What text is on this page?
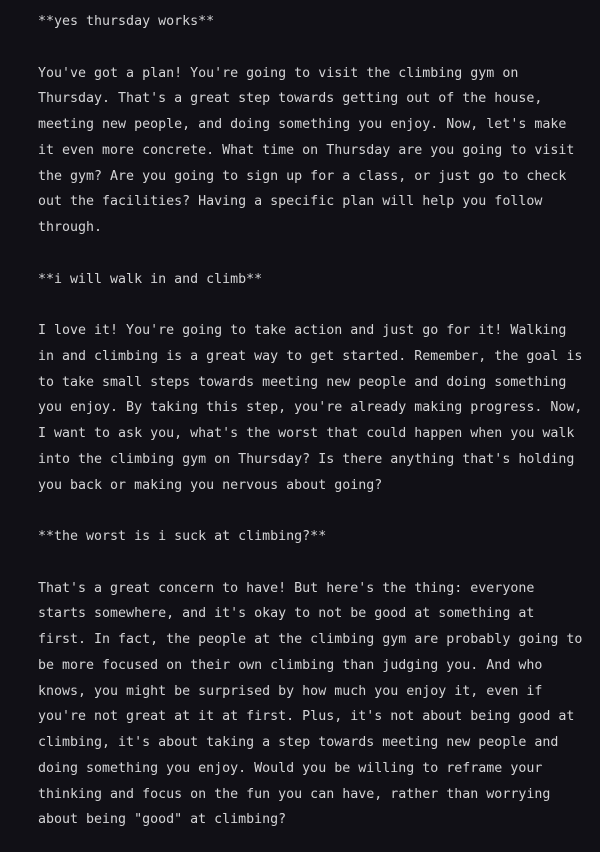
**yes thursday works**

You've got a plan! You're going to visit the climbing gym on
Thursday. That's a great step towards getting out of the house,
meeting new people, and doing something you enjoy. Now, let's make
it even more concrete. What time on Thursday are you going to visit
the gym? Are you going to sign up for a class, or just go to check
out the facilities? Having a specific plan will help you follow
through.

**i will walk in and climb**

I love it! You're going to take action and just go for it! Walking
in and climbing is a great way to get started. Remember, the goal is
to take small steps towards meeting new people and doing something
you enjoy. By taking this step, you're already making progress. Now,
I want to ask you, what's the worst that could happen when you walk
into the climbing gym on Thursday? Is there anything that's holding
you back or making you nervous about going?

**the worst is i suck at climbing?**

That's a great concern to have! But here's the thing: everyone
starts somewhere, and it's okay to not be good at something at
first. In fact, the people at the climbing gym are probably going to
be more focused on their own climbing than judging you. And who
knows, you might be surprised by how much you enjoy it, even if
you're not great at it at first. Plus, it's not about being good at
climbing, it's about taking a step towards meeting new people and
doing something you enjoy. Would you be willing to reframe your
thinking and focus on the fun you can have, rather than worrying
about being "good" at climbing?
